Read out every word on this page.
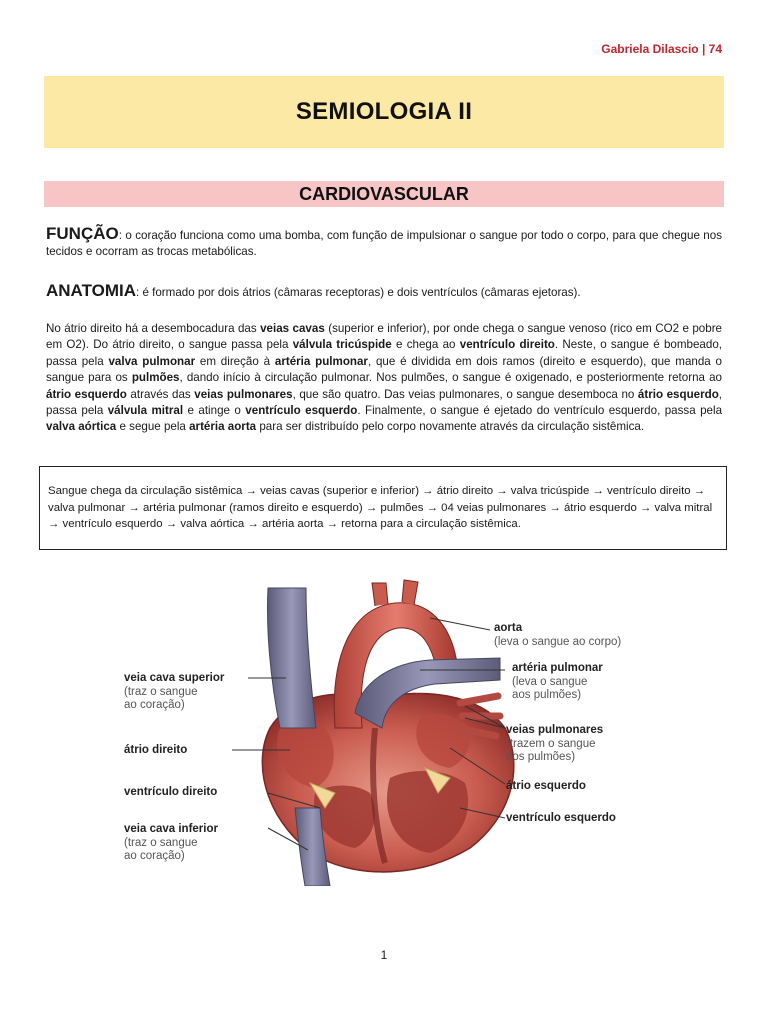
Gabriela Dilascio | 74
SEMIOLOGIA II
CARDIOVASCULAR
FUNÇÃO: o coração funciona como uma bomba, com função de impulsionar o sangue por todo o corpo, para que chegue nos tecidos e ocorram as trocas metabólicas.
ANATOMIA: é formado por dois átrios (câmaras receptoras) e dois ventrículos (câmaras ejetoras).
No átrio direito há a desembocadura das veias cavas (superior e inferior), por onde chega o sangue venoso (rico em CO2 e pobre em O2). Do átrio direito, o sangue passa pela válvula tricúspide e chega ao ventrículo direito. Neste, o sangue é bombeado, passa pela valva pulmonar em direção à artéria pulmonar, que é dividida em dois ramos (direito e esquerdo), que manda o sangue para os pulmões, dando início à circulação pulmonar. Nos pulmões, o sangue é oxigenado, e posteriormente retorna ao átrio esquerdo através das veias pulmonares, que são quatro. Das veias pulmonares, o sangue desemboca no átrio esquerdo, passa pela válvula mitral e atinge o ventrículo esquerdo. Finalmente, o sangue é ejetado do ventrículo esquerdo, passa pela valva aórtica e segue pela artéria aorta para ser distribuído pelo corpo novamente através da circulação sistêmica.
Sangue chega da circulação sistêmica → veias cavas (superior e inferior) → átrio direito → valva tricúspide → ventrículo direito → valva pulmonar → artéria pulmonar (ramos direito e esquerdo) → pulmões → 04 veias pulmonares → átrio esquerdo → valva mitral → ventrículo esquerdo → valva aórtica → artéria aorta → retorna para a circulação sistêmica.
aorta
(leva o sangue ao corpo)
artéria pulmonar
(leva o sangue
aos pulmões)
veias pulmonares
(trazem o sangue
dos pulmões)
átrio esquerdo
ventrículo esquerdo
veia cava superior
(traz o sangue
ao coração)
átrio direito
ventrículo direito
veia cava inferior
(traz o sangue
ao coração)
1
